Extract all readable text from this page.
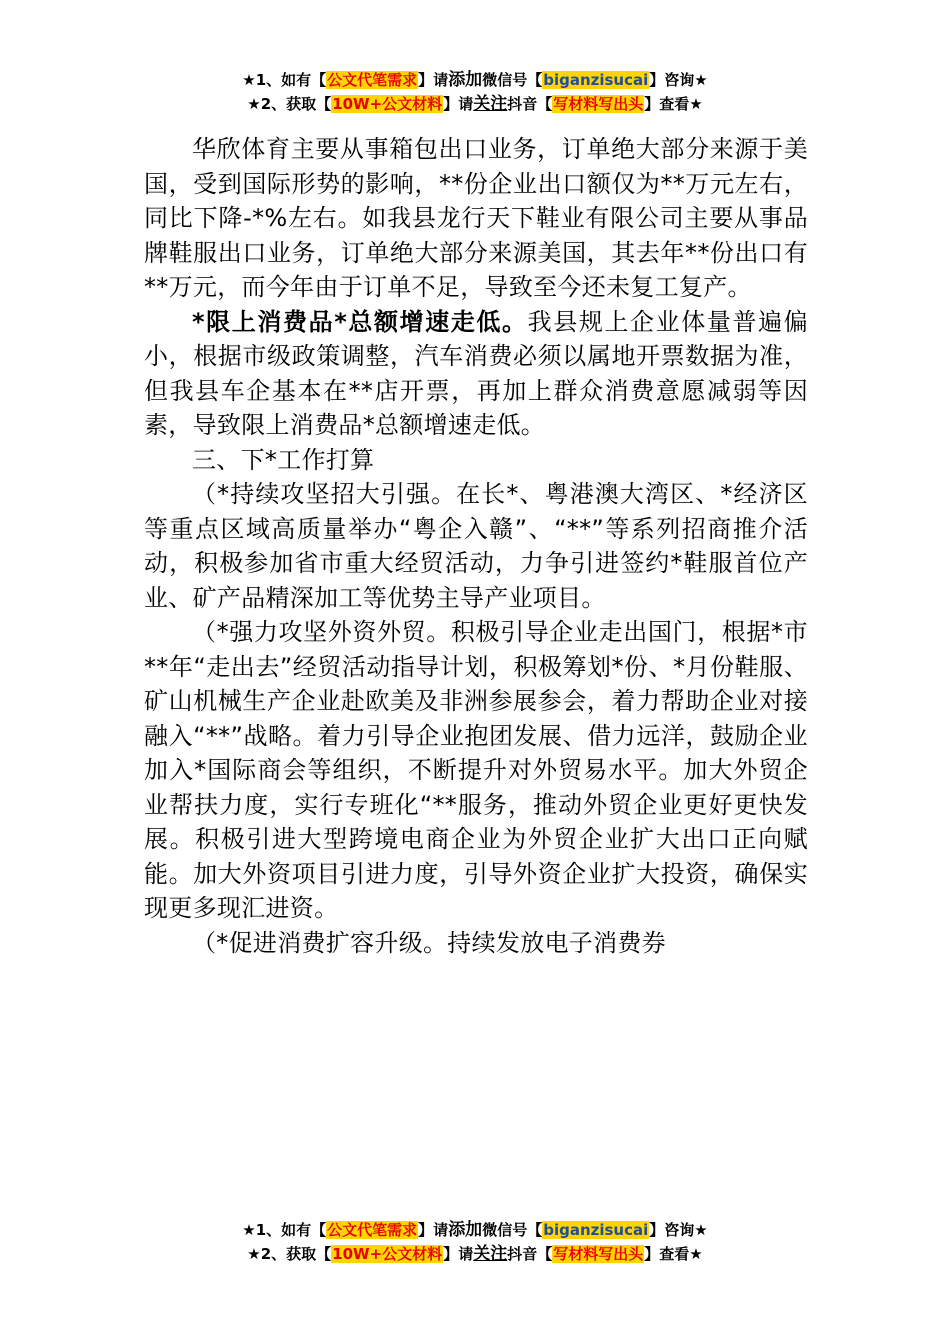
★1、如有【公文代笔需求】请添加微信号【biganzisucai】咨询★
★2、获取【10W+公文材料】请关注抖音【写材料写出头】查看★

华欣体育主要从事箱包出口业务，订单绝大部分来源于美国，受到国际形势的影响，**份企业出口额仅为**万元左右，同比下降-*%左右。如我县龙行天下鞋业有限公司主要从事品牌鞋服出口业务，订单绝大部分来源美国，其去年**份出口有**万元，而今年由于订单不足，导致至今还未复工复产。

*限上消费品*总额增速走低。我县规上企业体量普遍偏小，根据市级政策调整，汽车消费必须以属地开票数据为准，但我县车企基本在**店开票，再加上群众消费意愿减弱等因素，导致限上消费品*总额增速走低。

三、下*工作打算

（*持续攻坚招大引强。在长*、粤港澳大湾区、*经济区等重点区域高质量举办“粤企入赣”、“**”等系列招商推介活动，积极参加省市重大经贸活动，力争引进签约*鞋服首位产业、矿产品精深加工等优势主导产业项目。

（*强力攻坚外资外贸。积极引导企业走出国门，根据*市**年“走出去”经贸活动指导计划，积极筹划*份、*月份鞋服、矿山机械生产企业赴欧美及非洲参展参会，着力帮助企业对接融入“**”战略。着力引导企业抱团发展、借力远洋，鼓励企业加入*国际商会等组织，不断提升对外贸易水平。加大外贸企业帮扶力度，实行专班化“**服务，推动外贸企业更好更快发展。积极引进大型跨境电商企业为外贸企业扩大出口正向赋能。加大外资项目引进力度，引导外资企业扩大投资，确保实现更多现汇进资。

（*促进消费扩容升级。持续发放电子消费券

★1、如有【公文代笔需求】请添加微信号【biganzisucai】咨询★
★2、获取【10W+公文材料】请关注抖音【写材料写出头】查看★
